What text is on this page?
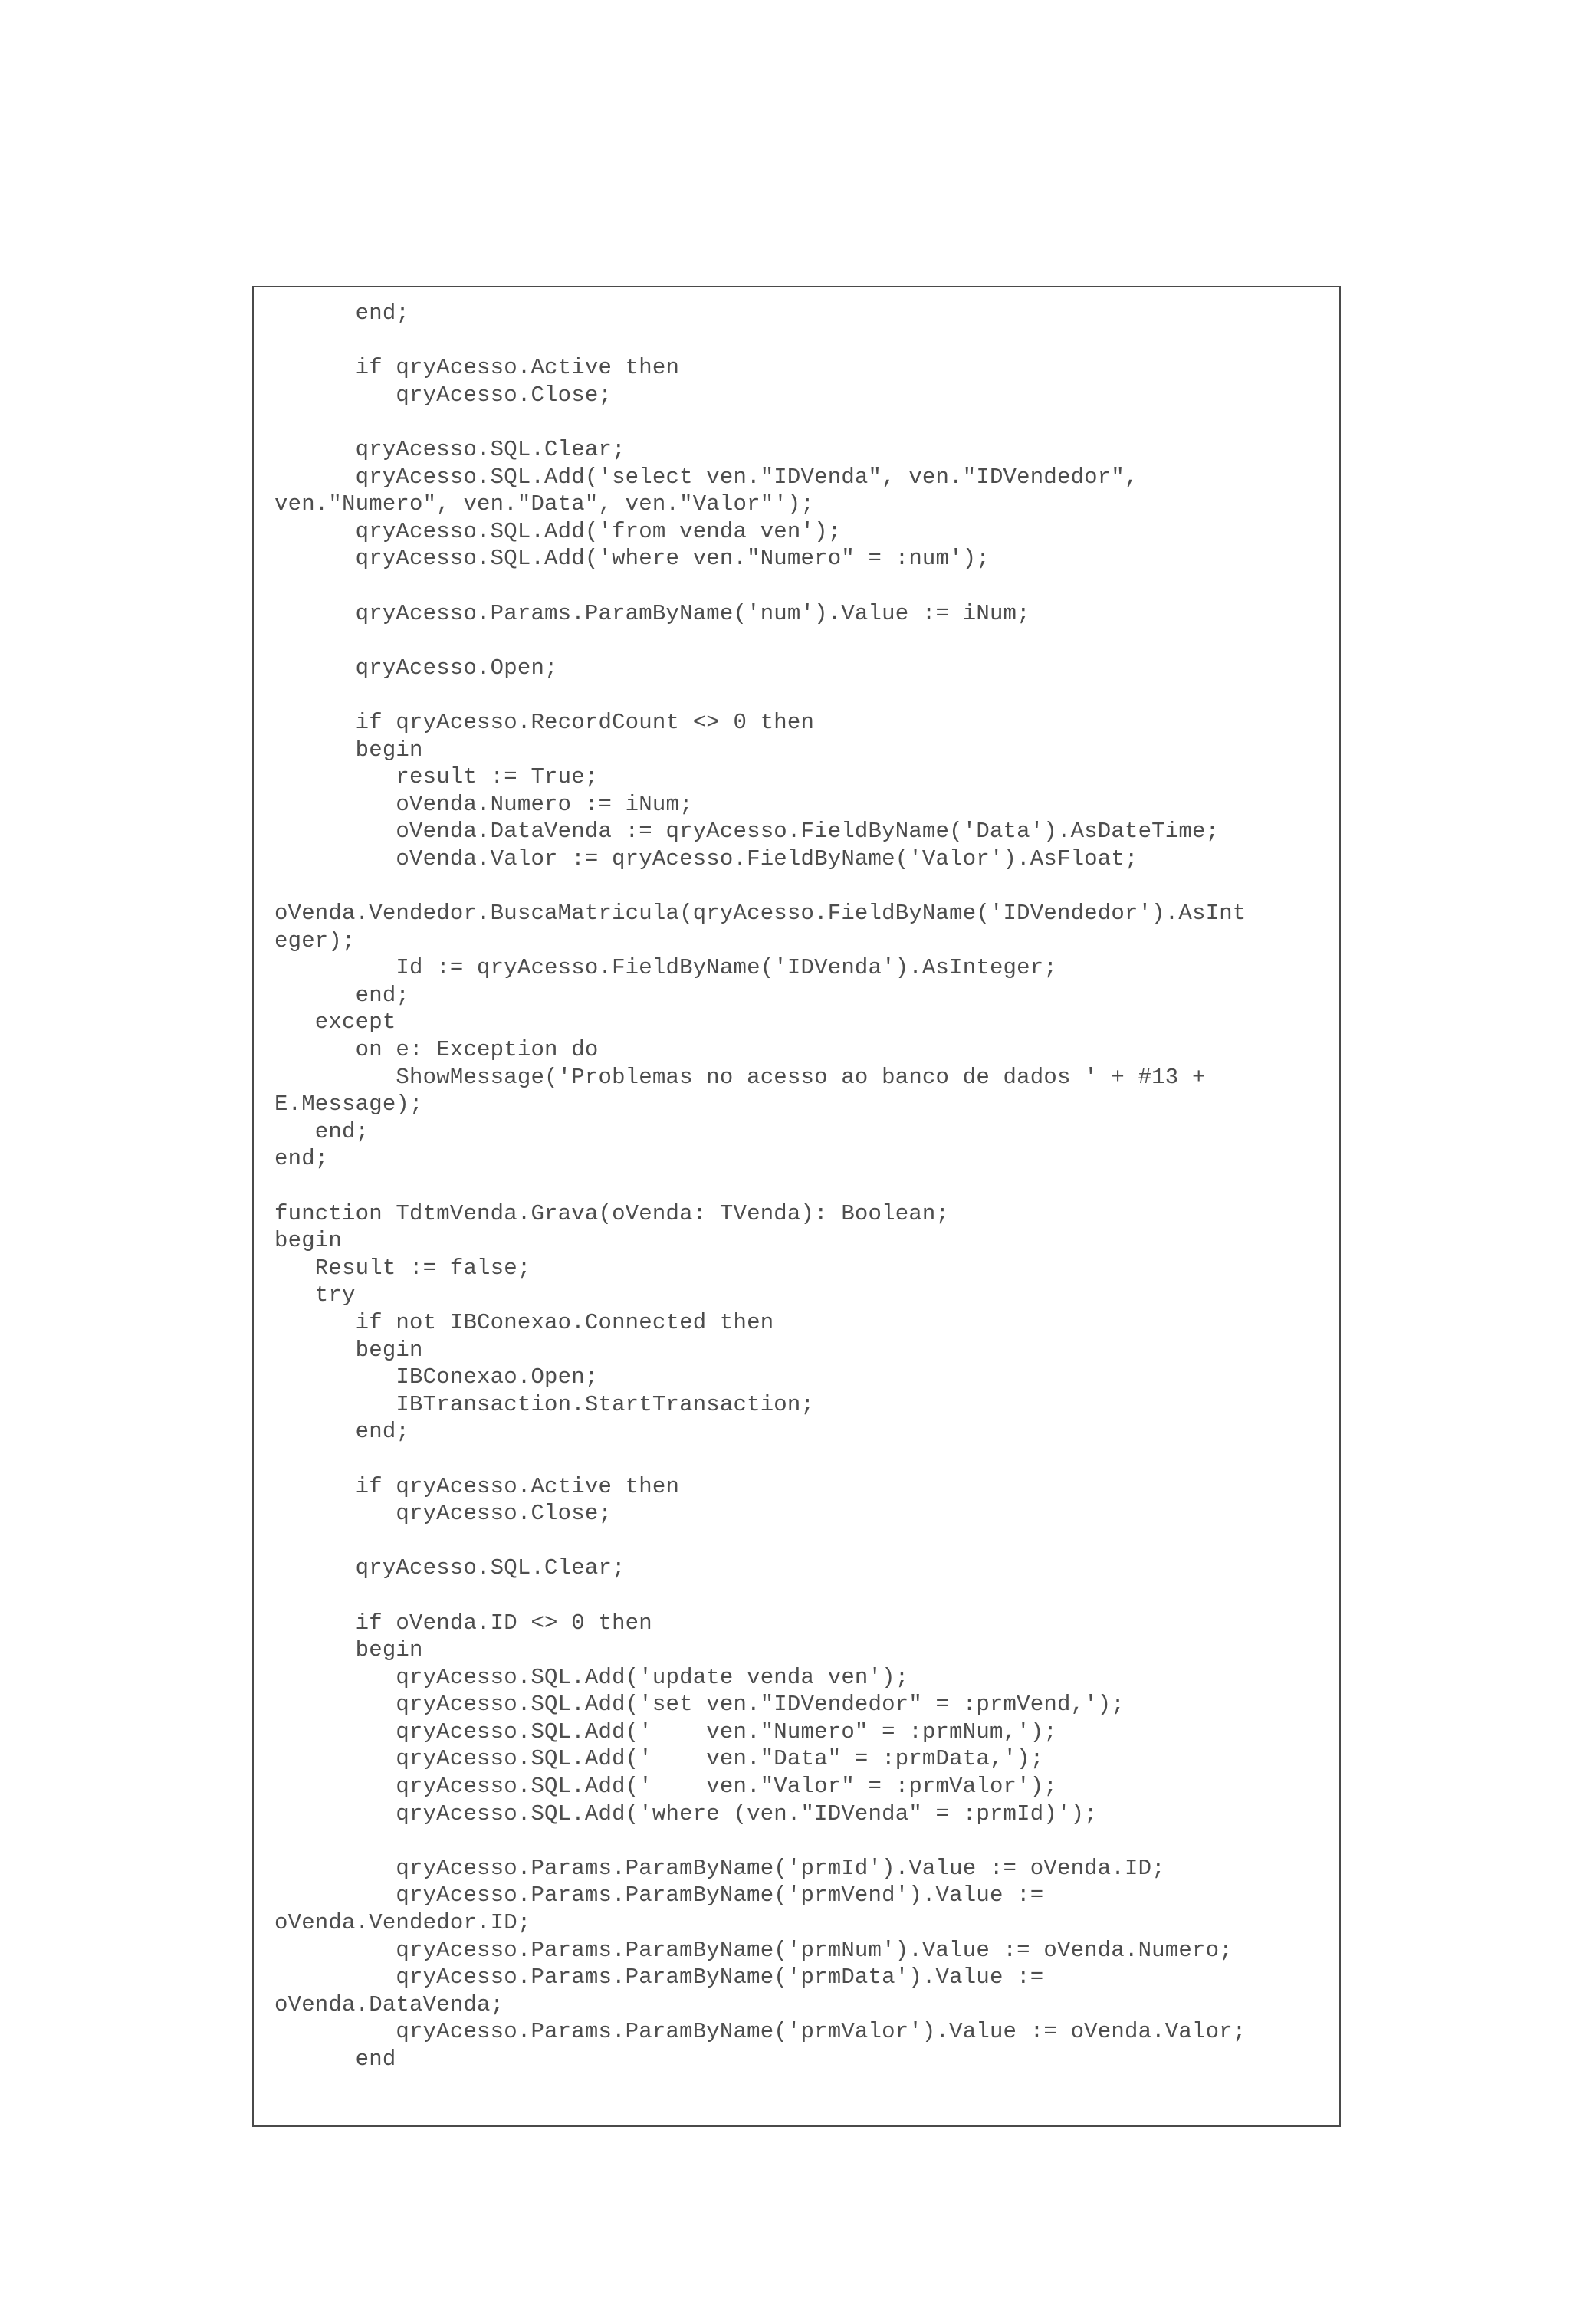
end;
if qryAcesso.Active then
qryAcesso.Close;
qryAcesso.SQL.Clear;
qryAcesso.SQL.Add('select ven."IDVenda", ven."IDVendedor",
ven."Numero", ven."Data", ven."Valor"');
qryAcesso.SQL.Add('from venda ven');
qryAcesso.SQL.Add('where ven."Numero" = :num');
qryAcesso.Params.ParamByName('num').Value := iNum;
qryAcesso.Open;
if qryAcesso.RecordCount <> 0 then
begin
result := True;
oVenda.Numero := iNum;
oVenda.DataVenda := qryAcesso.FieldByName('Data').AsDateTime;
oVenda.Valor := qryAcesso.FieldByName('Valor').AsFloat;
oVenda.Vendedor.BuscaMatricula(qryAcesso.FieldByName('IDVendedor').AsInt
eger);
Id := qryAcesso.FieldByName('IDVenda').AsInteger;
end;
except
on e: Exception do
ShowMessage('Problemas no acesso ao banco de dados ' + #13 +
E.Message);
end;
end;
function TdtmVenda.Grava(oVenda: TVenda): Boolean;
begin
Result := false;
try
if not IBConexao.Connected then
begin
IBConexao.Open;
IBTransaction.StartTransaction;
end;
if qryAcesso.Active then
qryAcesso.Close;
qryAcesso.SQL.Clear;
if oVenda.ID <> 0 then
begin
qryAcesso.SQL.Add('update venda ven');
qryAcesso.SQL.Add('set ven."IDVendedor" = :prmVend,');
qryAcesso.SQL.Add('    ven."Numero" = :prmNum,');
qryAcesso.SQL.Add('    ven."Data" = :prmData,');
qryAcesso.SQL.Add('    ven."Valor" = :prmValor');
qryAcesso.SQL.Add('where (ven."IDVenda" = :prmId)');
qryAcesso.Params.ParamByName('prmId').Value := oVenda.ID;
qryAcesso.Params.ParamByName('prmVend').Value :=
oVenda.Vendedor.ID;
qryAcesso.Params.ParamByName('prmNum').Value := oVenda.Numero;
qryAcesso.Params.ParamByName('prmData').Value :=
oVenda.DataVenda;
qryAcesso.Params.ParamByName('prmValor').Value := oVenda.Valor;
end
